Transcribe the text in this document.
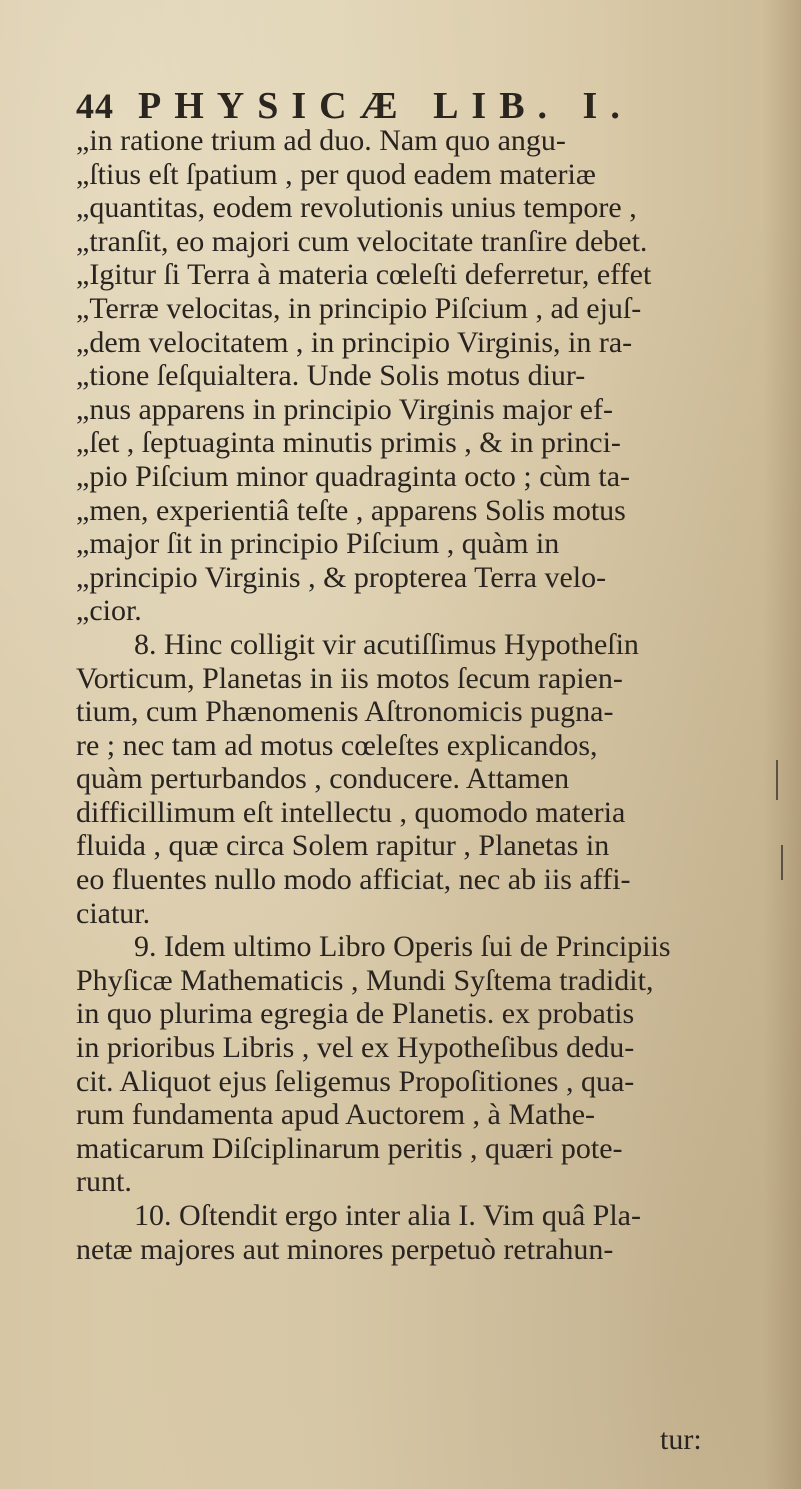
44 PHYSICÆ LIB. I.
„in ratione trium ad duo. Nam quo angu-
„ſtius eſt ſpatium , per quod eadem materiæ
„quantitas, eodem revolutionis unius tempore ,
„tranſit, eo majori cum velocitate tranſire debet.
„Igitur ſi Terra à materia cœleſti deferretur, effet
„Terræ velocitas, in principio Piſcium , ad ejuſ-
„dem velocitatem , in principio Virginis, in ra-
„tione ſeſquialtera. Unde Solis motus diur-
„nus apparens in principio Virginis major ef-
„ſet , ſeptuaginta minutis primis , & in princi-
„pio Piſcium minor quadraginta octo ; cùm ta-
„men, experientiâ teſte , apparens Solis motus
„major ſit in principio Piſcium , quàm in
„principio Virginis , & propterea Terra velo-
„cior.
8. Hinc colligit vir acutiſſimus Hypotheſin
Vorticum, Planetas in iis motos ſecum rapien-
tium, cum Phænomenis Aſtronomicis pugna-
re ; nec tam ad motus cœleſtes explicandos,
quàm perturbandos , conducere. Attamen
difficillimum eſt intellectu , quomodo materia
fluida , quæ circa Solem rapitur , Planetas in
eo fluentes nullo modo afficiat, nec ab iis affi-
ciatur.
9. Idem ultimo Libro Operis ſui de Principiis
Phyſicæ Mathematicis , Mundi Syſtema tradidit,
in quo plurima egregia de Planetis. ex probatis
in prioribus Libris , vel ex Hypotheſibus dedu-
cit. Aliquot ejus ſeligemus Propoſitiones , qua-
rum fundamenta apud Auctorem , à Mathe-
maticarum Diſciplinarum peritis , quæri pote-
runt.
10. Oſtendit ergo inter alia I. Vim quâ Pla-
netæ majores aut minores perpetuò retrahun-
tur:
